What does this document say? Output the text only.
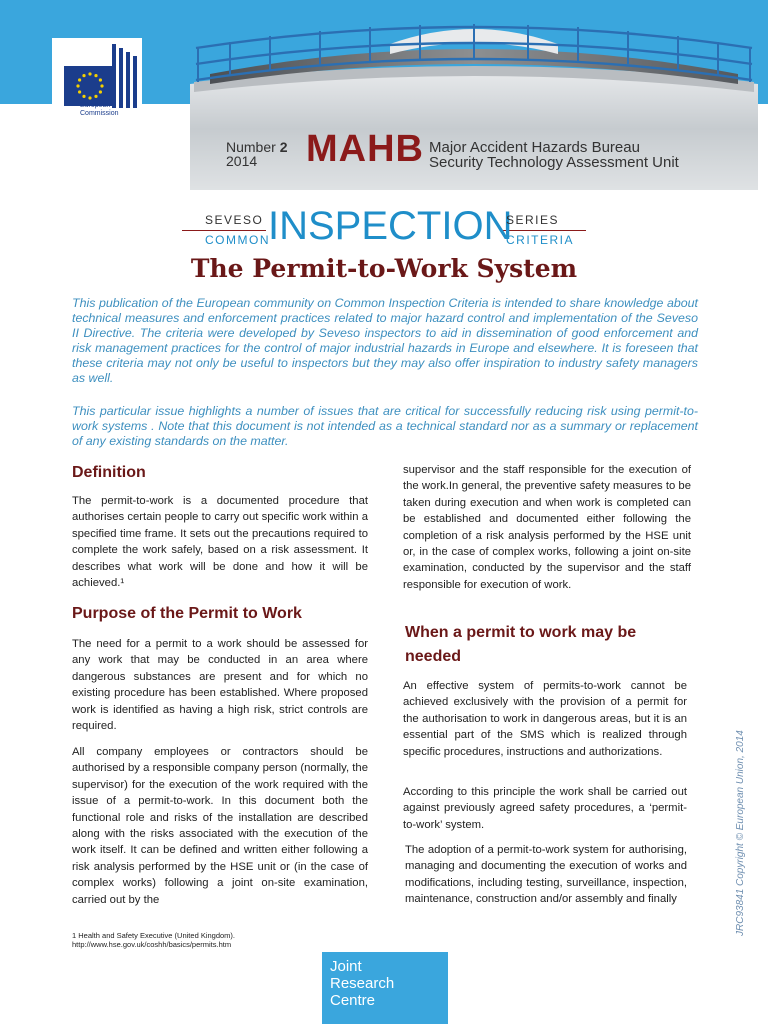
European Commission
Number 2
2014	MAHB Major Accident Hazards Bureau
Security Technology Assessment Unit
SEVESO
COMMON
INSPECTION
SERIES
CRITERIA
The Permit-to-Work System

This publication of the European community on Common Inspection Criteria is intended to share knowledge about technical measures and enforcement practices related to major hazard control and implementation of the Seveso II Directive. The criteria were developed by Seveso inspectors to aid in dissemination of good enforcement and risk management practices for the control of major industrial hazards in Europe and elsewhere. It is foreseen that these criteria may not only be useful to inspectors but they may also offer inspiration to industry safety managers as well.

This particular issue highlights a number of issues that are critical for successfully reducing risk using permit-to-work systems . Note that this document is not intended as a technical standard nor as a summary or replacement of any existing standards on the matter.

Definition

The permit-to-work is a documented procedure that authorises certain people to carry out specific work within a specified time frame. It sets out the precautions required to complete the work safely, based on a risk assessment. It describes what work will be done and how it will be achieved.¹

Purpose of the Permit to Work

The need for a permit to a work should be assessed for any work that may be conducted in an area where dangerous substances are present and for which no existing procedure has been established. Where proposed work is identified as having a high risk, strict controls are required.

All company employees or contractors should be authorised by a responsible company person (normally, the supervisor) for the execution of the work required with the issue of a permit-to-work. In this document both the functional role and risks of the installation are described along with the risks associated with the execution of the work itself. It can be defined and written either following a risk analysis performed by the HSE unit or (in the case of complex works) following a joint on-site examination, carried out by the

1 Health and Safety Executive (United Kingdom).
http://www.hse.gov.uk/coshh/basics/permits.htm

supervisor and the staff responsible for the execution of the work.In general, the preventive safety measures to be taken during execution and when work is completed can be established and documented either following the completion of a risk analysis performed by the HSE unit or, in the case of complex works, following a joint on-site examination, conducted by the supervisor and the staff responsible for execution of work.

When a permit to work may be needed

An effective system of permits-to-work cannot be achieved exclusively with the provision of a permit for the authorisation to work in dangerous areas, but it is an essential part of the SMS which is realized through specific procedures, instructions and authorizations.

According to this principle the work shall be carried out against previously agreed safety procedures, a ‘permit-to-work’ system.

The adoption of a permit-to-work system for authorising, managing and documenting the execution of works and modifications, including testing, surveillance, inspection, maintenance, construction and/or assembly and finally

Joint
Research
Centre
JRC93841 Copyright © European Union, 2014
